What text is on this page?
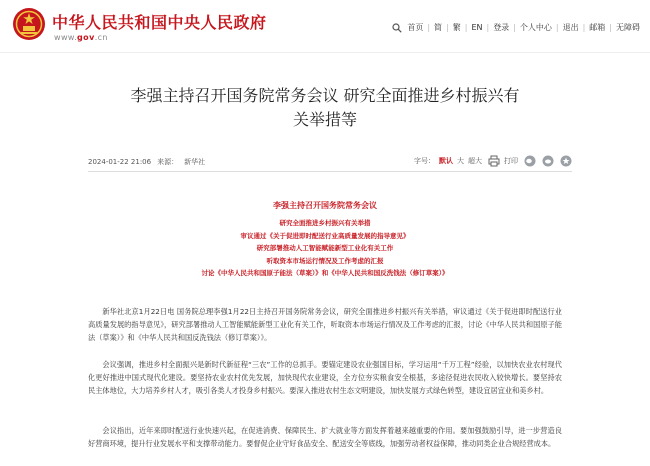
中华人民共和国中央人民政府
www.gov.cn
首页 | 简 | 繁 | EN | 登录 | 个人中心 | 退出 | 邮箱 | 无障碍
李强主持召开国务院常务会议 研究全面推进乡村振兴有
关举措等
2024-01-22 21:06 来源： 新华社	字号： 默认 大 超大	打印
李强主持召开国务院常务会议
研究全面推进乡村振兴有关举措
审议通过《关于促进即时配送行业高质量发展的指导意见》
研究部署推动人工智能赋能新型工业化有关工作
听取资本市场运行情况及工作考虑的汇报
讨论《中华人民共和国原子能法（草案）》和《中华人民共和国反洗钱法（修订草案）》

新华社北京1月22日电 国务院总理李强1月22日主持召开国务院常务会议，研究全面推进乡村振兴有关举措，审议通过《关于促进即时配送行业高质量发展的指导意见》，研究部署推动人工智能赋能新型工业化有关工作，听取资本市场运行情况及工作考虑的汇报，讨论《中华人民共和国原子能法（草案）》和《中华人民共和国反洗钱法（修订草案）》。

会议强调，推进乡村全面振兴是新时代新征程“三农”工作的总抓手。要锚定建设农业强国目标，学习运用“千万工程”经验，以加快农业农村现代化更好推进中国式现代化建设。要坚持农业农村优先发展，加快现代农业建设，全方位夯实粮食安全根基，多途径促进农民收入较快增长。要坚持农民主体地位，大力培养乡村人才，吸引各类人才投身乡村振兴。要深入推进农村生态文明建设，加快发展方式绿色转型，建设宜居宜业和美乡村。

会议指出，近年来即时配送行业快速兴起，在促进消费、保障民生、扩大就业等方面发挥着越来越重要的作用。要加强鼓励引导，进一步营造良好营商环境，提升行业发展水平和支撑带动能力。要督促企业守好食品安全、配送安全等底线，加强劳动者权益保障，推动同类企业合规经营成本。
